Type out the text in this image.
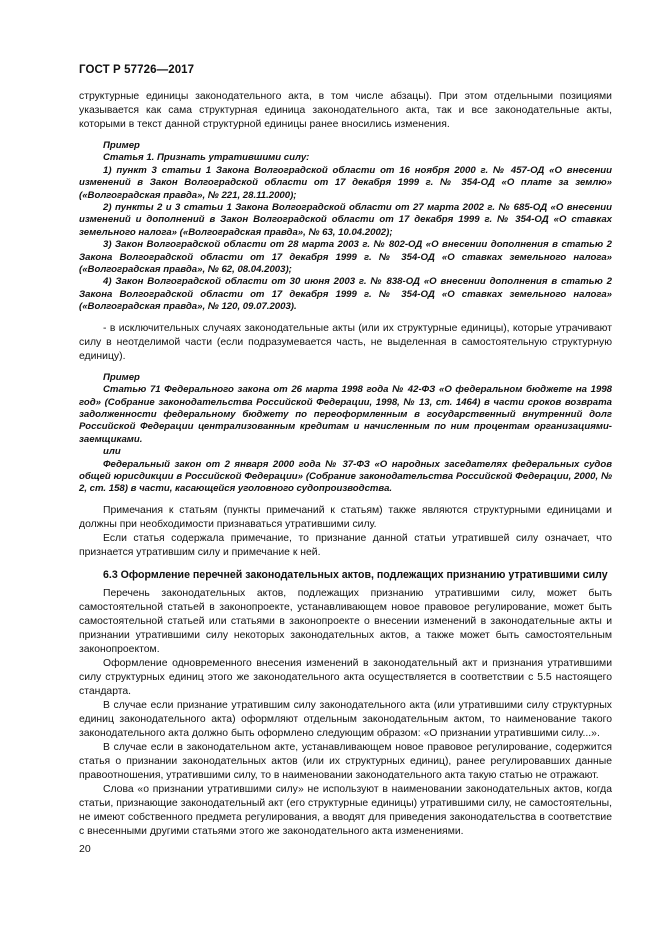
ГОСТ Р 57726—2017

структурные единицы законодательного акта, в том числе абзацы). При этом отдельными позициями указывается как сама структурная единица законодательного акта, так и все законодательные акты, которыми в текст данной структурной единицы ранее вносились изменения.

Пример

Статья 1. Признать утратившими силу:

1) пункт 3 статьи 1 Закона Волгоградской области от 16 ноября 2000 г. № 457-ОД «О внесении изменений в Закон Волгоградской области от 17 декабря 1999 г. № 354-ОД «О плате за землю» («Волгоградская правда», № 221, 28.11.2000);

2) пункты 2 и 3 статьи 1 Закона Волгоградской области от 27 марта 2002 г. № 685-ОД «О внесении изменений и дополнений в Закон Волгоградской области от 17 декабря 1999 г. № 354-ОД «О ставках земельного налога» («Волгоградская правда», № 63, 10.04.2002);

3) Закон Волгоградской области от 28 марта 2003 г. № 802-ОД «О внесении дополнения в статью 2 Закона Волгоградской области от 17 декабря 1999 г. № 354-ОД «О ставках земельного налога» («Волгоградская правда», № 62, 08.04.2003);

4) Закон Волгоградской области от 30 июня 2003 г. № 838-ОД «О внесении дополнения в статью 2 Закона Волгоградской области от 17 декабря 1999 г. № 354-ОД «О ставках земельного налога» («Волгоградская правда», № 120, 09.07.2003).

- в исключительных случаях законодательные акты (или их структурные единицы), которые утрачивают силу в неотделимой части (если подразумевается часть, не выделенная в самостоятельную структурную единицу).

Пример

Статью 71 Федерального закона от 26 марта 1998 года № 42-ФЗ «О федеральном бюджете на 1998 год» (Собрание законодательства Российской Федерации, 1998, № 13, ст. 1464) в части сроков возврата задолженности федеральному бюджету по переоформленным в государственный внутренний долг Российской Федерации централизованным кредитам и начисленным по ним процентам организациями-заемщиками.

или

Федеральный закон от 2 января 2000 года № 37-ФЗ «О народных заседателях федеральных судов общей юрисдикции в Российской Федерации» (Собрание законодательства Российской Федерации, 2000, № 2, ст. 158) в части, касающейся уголовного судопроизводства.

Примечания к статьям (пункты примечаний к статьям) также являются структурными единицами и должны при необходимости признаваться утратившими силу.

Если статья содержала примечание, то признание данной статьи утратившей силу означает, что признается утратившим силу и примечание к ней.

6.3 Оформление перечней законодательных актов, подлежащих признанию утратившими силу

Перечень законодательных актов, подлежащих признанию утратившими силу, может быть самостоятельной статьей в законопроекте, устанавливающем новое правовое регулирование, может быть самостоятельной статьей или статьями в законопроекте о внесении изменений в законодательные акты и признании утратившими силу некоторых законодательных актов, а также может быть самостоятельным законопроектом.

Оформление одновременного внесения изменений в законодательный акт и признания утратившими силу структурных единиц этого же законодательного акта осуществляется в соответствии с 5.5 настоящего стандарта.

В случае если признание утратившим силу законодательного акта (или утратившими силу структурных единиц законодательного акта) оформляют отдельным законодательным актом, то наименование такого законодательного акта должно быть оформлено следующим образом: «О признании утратившими силу...».

В случае если в законодательном акте, устанавливающем новое правовое регулирование, содержится статья о признании законодательных актов (или их структурных единиц), ранее регулировавших данные правоотношения, утратившими силу, то в наименовании законодательного акта такую статью не отражают.

Слова «о признании утратившими силу» не используют в наименовании законодательных актов, когда статьи, признающие законодательный акт (его структурные единицы) утратившими силу, не самостоятельны, не имеют собственного предмета регулирования, а вводят для приведения законодательства в соответствие с внесенными другими статьями этого же законодательного акта изменениями.

20
